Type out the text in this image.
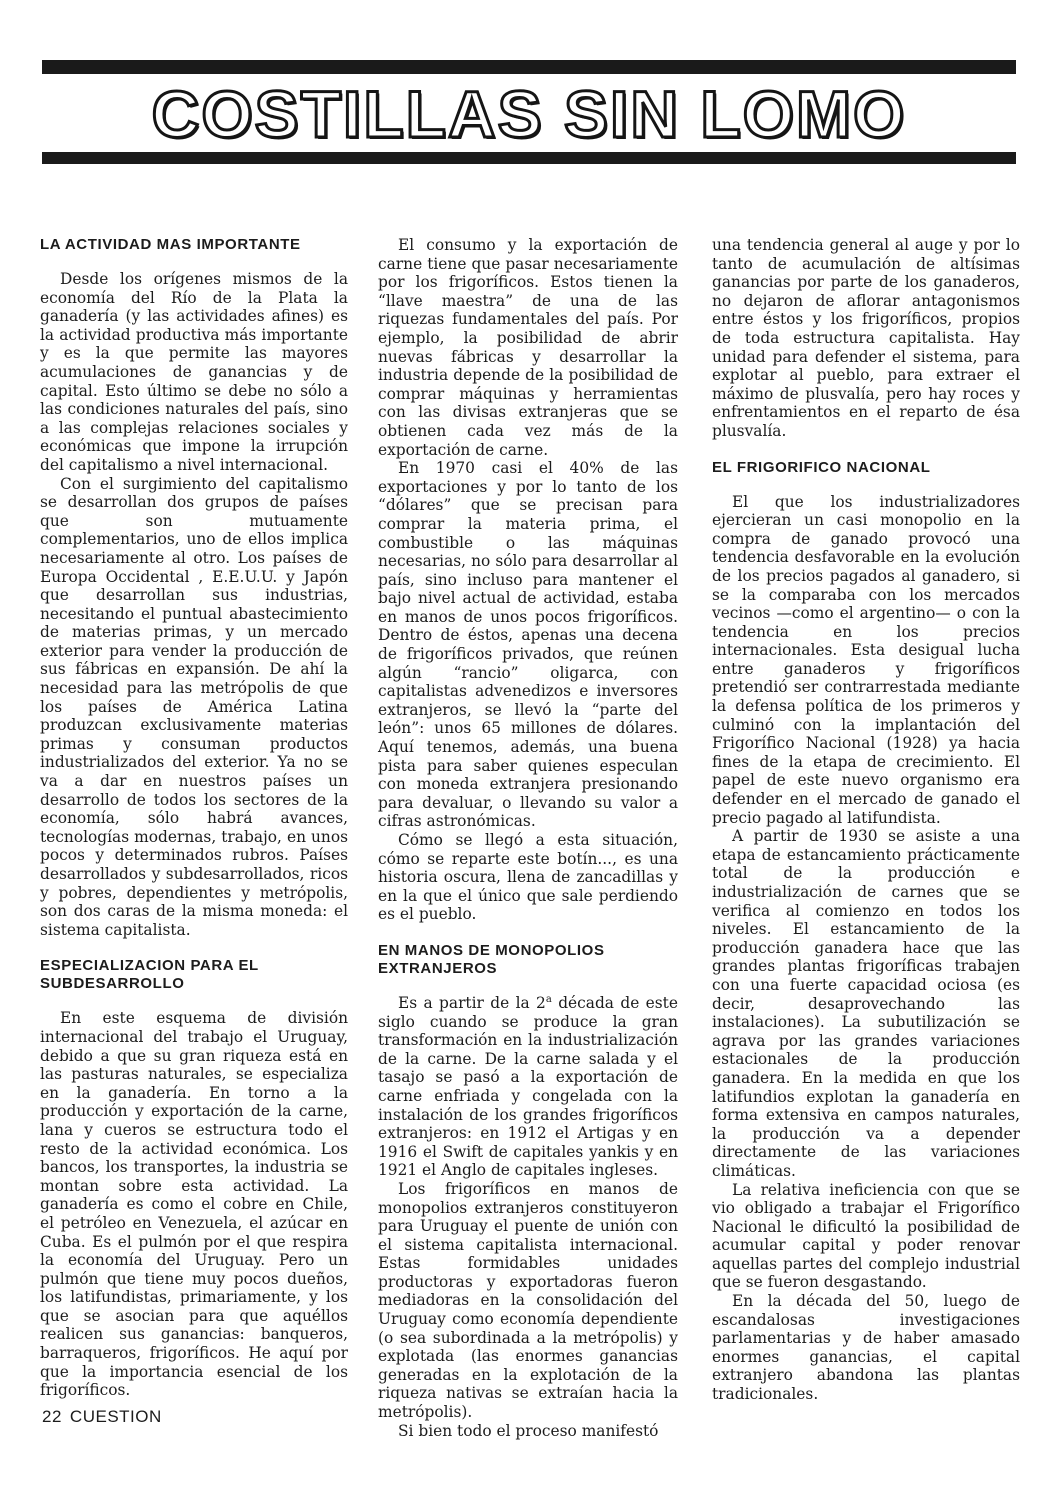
COSTILLAS SIN LOMO
LA ACTIVIDAD MAS IMPORTANTE

Desde los orígenes mismos de la economía del Río de la Plata la ganadería (y las actividades afines) es la actividad productiva más importante y es la que permite las mayores acumulaciones de ganancias y de capital. Esto último se debe no sólo a las condiciones naturales del país, sino a las complejas relaciones sociales y económicas que impone la irrupción del capitalismo a nivel internacional.

Con el surgimiento del capitalismo se desarrollan dos grupos de países que son mutuamente complementarios, uno de ellos implica necesariamente al otro. Los países de Europa Occidental , E.E.U.U. y Japón que desarrollan sus industrias, necesitando el puntual abastecimiento de materias primas, y un mercado exterior para vender la producción de sus fábricas en expansión. De ahí la necesidad para las metrópolis de que los países de América Latina produzcan exclusivamente materias primas y consuman productos industrializados del exterior. Ya no se va a dar en nuestros países un desarrollo de todos los sectores de la economía, sólo habrá avances, tecnologías modernas, trabajo, en unos pocos y determinados rubros. Países desarrollados y subdesarrollados, ricos y pobres, dependientes y metrópolis, son dos caras de la misma moneda: el sistema capitalista.

ESPECIALIZACION PARA EL SUBDESARROLLO

En este esquema de división internacional del trabajo el Uruguay, debido a que su gran riqueza está en las pasturas naturales, se especializa en la ganadería. En torno a la producción y exportación de la carne, lana y cueros se estructura todo el resto de la actividad económica. Los bancos, los transportes, la industria se montan sobre esta actividad. La ganadería es como el cobre en Chile, el petróleo en Venezuela, el azúcar en Cuba. Es el pulmón por el que respira la economía del Uruguay. Pero un pulmón que tiene muy pocos dueños, los latifundistas, primariamente, y los que se asocian para que aquéllos realicen sus ganancias: banqueros, barraqueros, frigoríficos. He aquí por que la importancia esencial de los frigoríficos.

El consumo y la exportación de carne tiene que pasar necesariamente por los frigoríficos. Estos tienen la “llave maestra” de una de las riquezas fundamentales del país. Por ejemplo, la posibilidad de abrir nuevas fábricas y desarrollar la industria depende de la posibilidad de comprar máquinas y herramientas con las divisas extranjeras que se obtienen cada vez más de la exportación de carne.

En 1970 casi el 40% de las exportaciones y por lo tanto de los “dólares” que se precisan para comprar la materia prima, el combustible o las máquinas necesarias, no sólo para desarrollar al país, sino incluso para mantener el bajo nivel actual de actividad, estaba en manos de unos pocos frigoríficos. Dentro de éstos, apenas una decena de frigoríficos privados, que reúnen algún “rancio” oligarca, con capitalistas advenedizos e inversores extranjeros, se llevó la “parte del león”: unos 65 millones de dólares. Aquí tenemos, además, una buena pista para saber quienes especulan con moneda extranjera presionando para devaluar, o llevando su valor a cifras astronómicas.

Cómo se llegó a esta situación, cómo se reparte este botín..., es una historia oscura, llena de zancadillas y en la que el único que sale perdiendo es el pueblo.

EN MANOS DE MONOPOLIOS EXTRANJEROS

Es a partir de la 2$^a$ década de este siglo cuando se produce la gran transformación en la industrialización de la carne. De la carne salada y el tasajo se pasó a la exportación de carne enfriada y congelada con la instalación de los grandes frigoríficos extranjeros: en 1912 el Artigas y en 1916 el Swift de capitales yankis y en 1921 el Anglo de capitales ingleses.

Los frigoríficos en manos de monopolios extranjeros constituyeron para Uruguay el puente de unión con el sistema capitalista internacional. Estas formidables unidades productoras y exportadoras fueron mediadoras en la consolidación del Uruguay como economía dependiente (o sea subordinada a la metrópolis) y explotada (las enormes ganancias generadas en la explotación de la riqueza nativas se extraían hacia la metrópolis).

Si bien todo el proceso manifestó

una tendencia general al auge y por lo tanto de acumulación de altísimas ganancias por parte de los ganaderos, no dejaron de aflorar antagonismos entre éstos y los frigoríficos, propios de toda estructura capitalista. Hay unidad para defender el sistema, para explotar al pueblo, para extraer el máximo de plusvalía, pero hay roces y enfrentamientos en el reparto de ésa plusvalía.

EL FRIGORIFICO NACIONAL

El que los industrializadores ejercieran un casi monopolio en la compra de ganado provocó una tendencia desfavorable en la evolución de los precios pagados al ganadero, si se la comparaba con los mercados vecinos —como el argentino— o con la tendencia en los precios internacionales. Esta desigual lucha entre ganaderos y frigoríficos pretendió ser contrarrestada mediante la defensa política de los primeros y culminó con la implantación del Frigorífico Nacional (1928) ya hacia fines de la etapa de crecimiento. El papel de este nuevo organismo era defender en el mercado de ganado el precio pagado al latifundista.

A partir de 1930 se asiste a una etapa de estancamiento prácticamente total de la producción e industrialización de carnes que se verifica al comienzo en todos los niveles. El estancamiento de la producción ganadera hace que las grandes plantas frigoríficas trabajen con una fuerte capacidad ociosa (es decir, desaprovechando las instalaciones). La subutilización se agrava por las grandes variaciones estacionales de la producción ganadera. En la medida en que los latifundios explotan la ganadería en forma extensiva en campos naturales, la producción va a depender directamente de las variaciones climáticas.

La relativa ineficiencia con que se vio obligado a trabajar el Frigorífico Nacional le dificultó la posibilidad de acumular capital y poder renovar aquellas partes del complejo industrial que se fueron desgastando.

En la década del 50, luego de escandalosas investigaciones parlamentarias y de haber amasado enormes ganancias, el capital extranjero abandona las plantas tradicionales.

22 CUESTION
